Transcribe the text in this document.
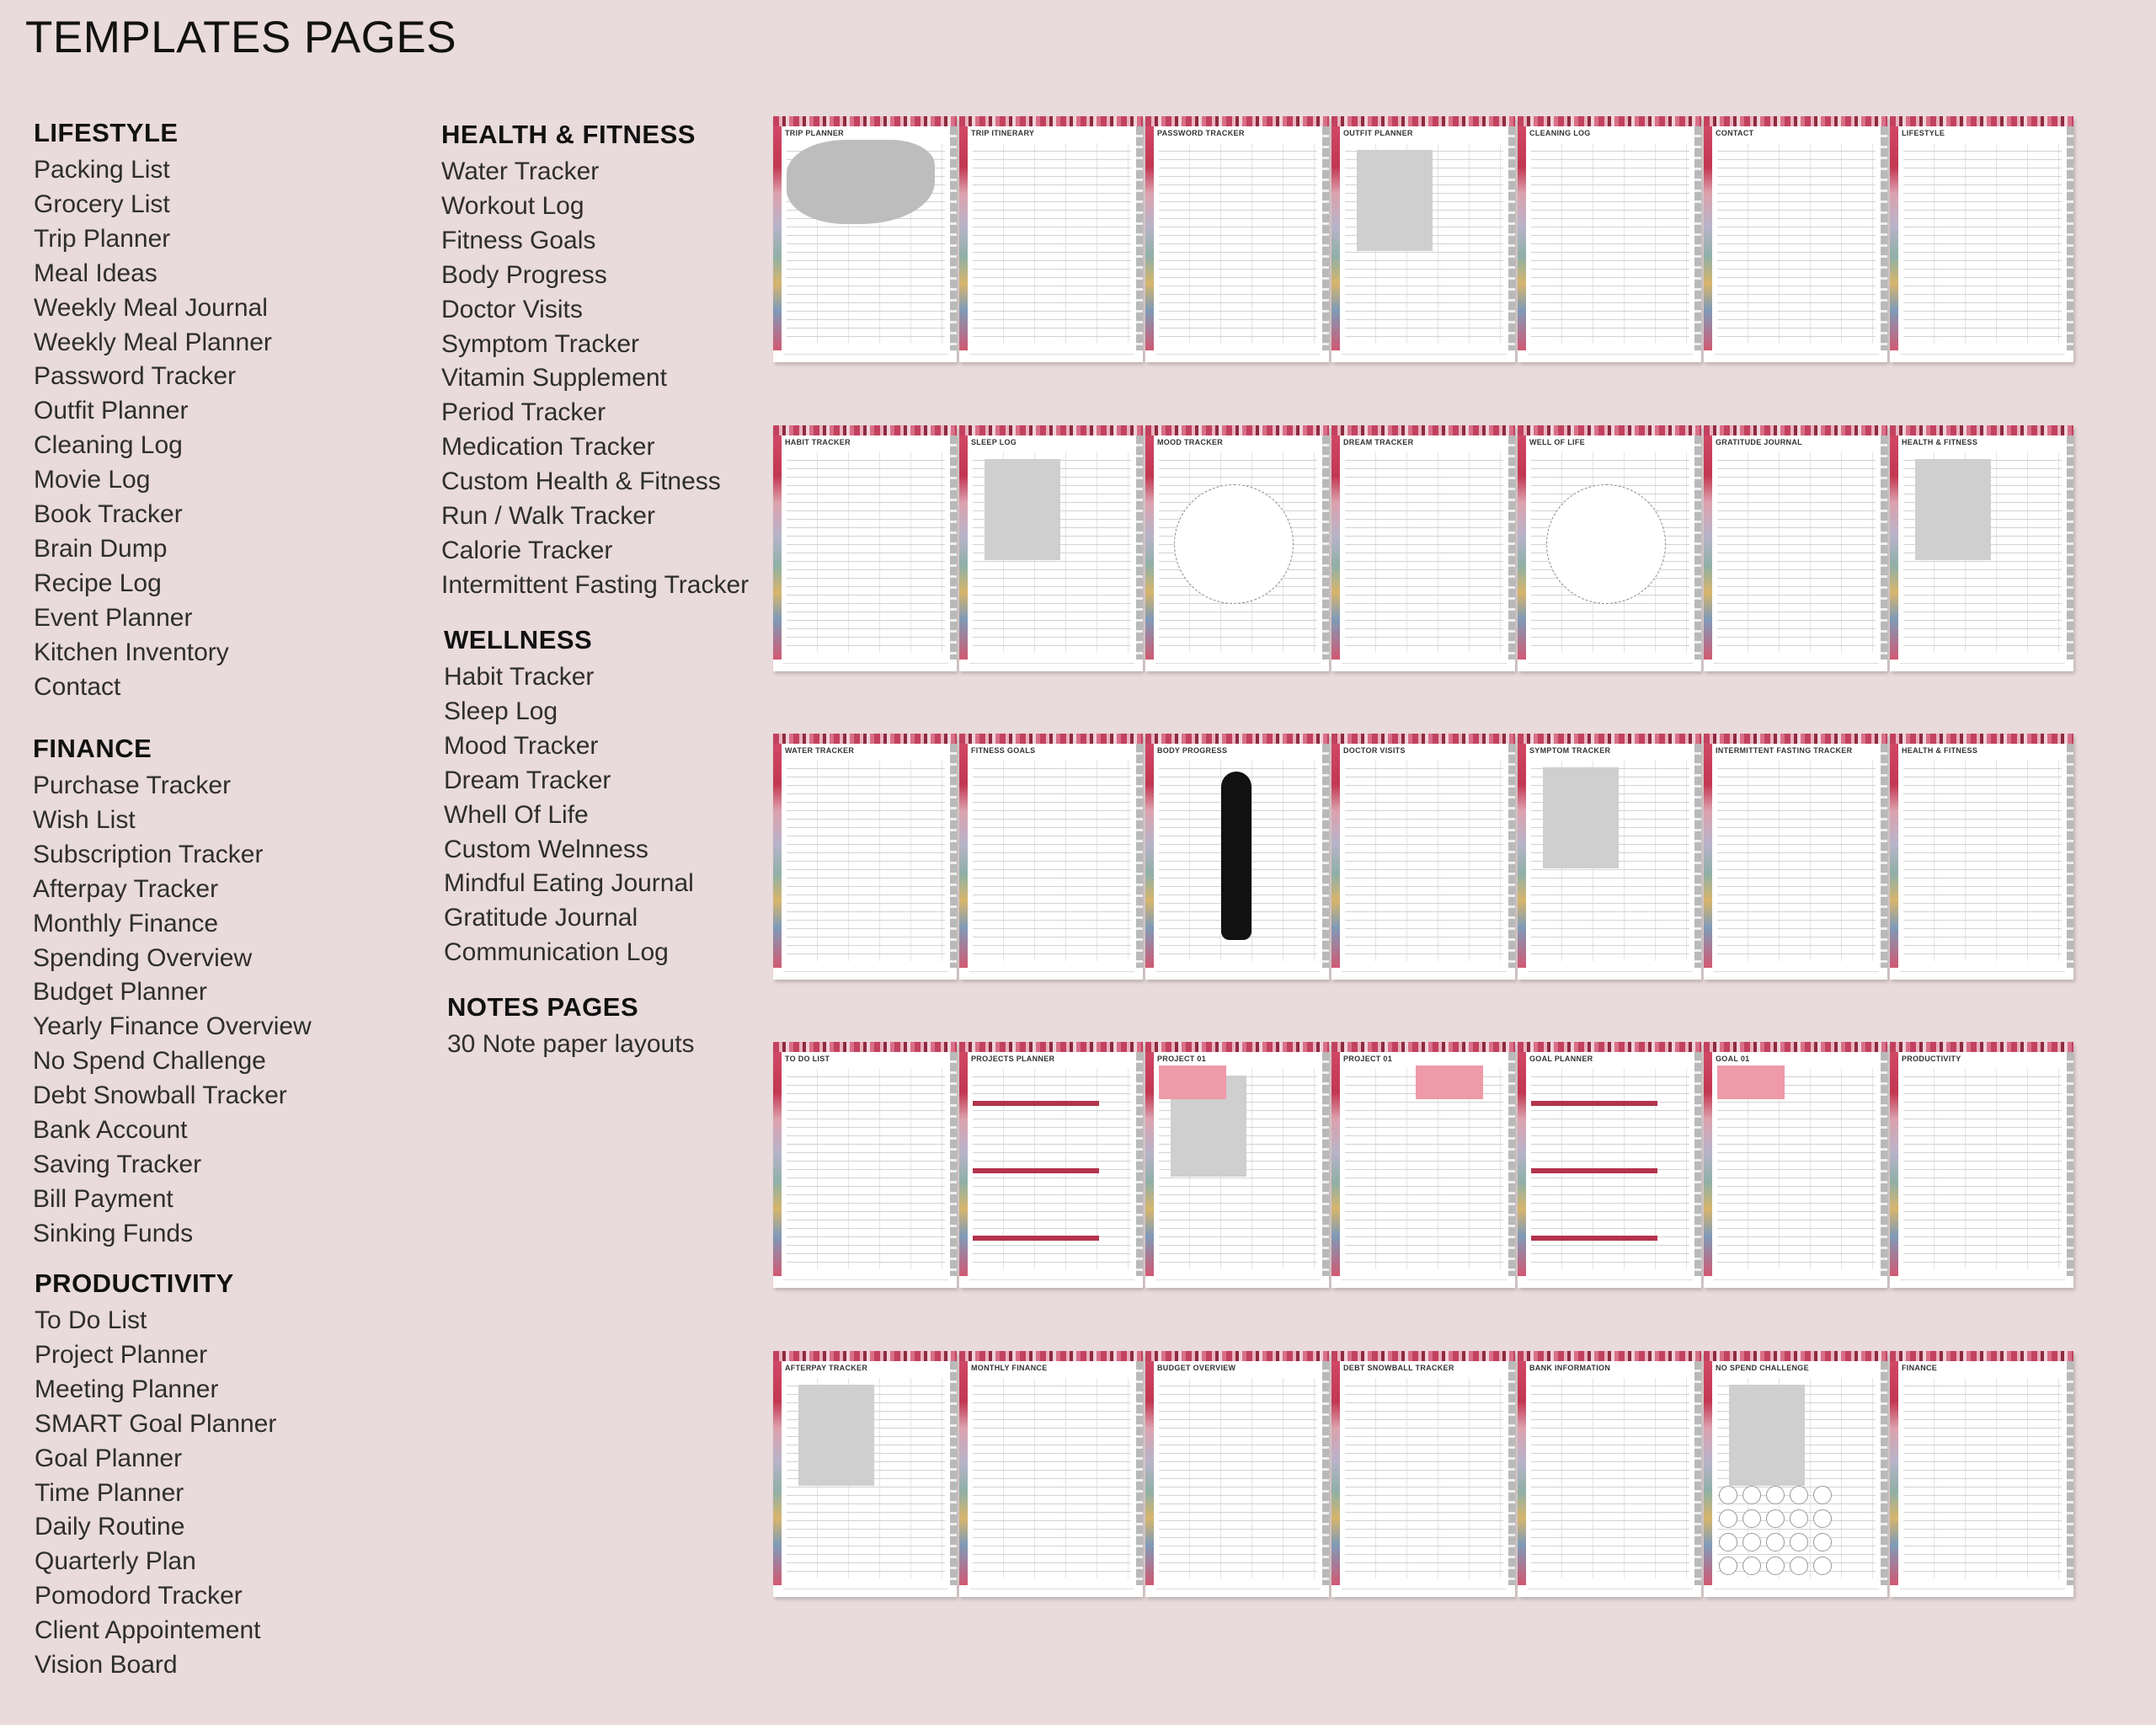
TEMPLATES PAGES
LIFESTYLE
Packing List
Grocery List
Trip Planner
Meal Ideas
Weekly Meal Journal
Weekly Meal Planner
Password Tracker
Outfit Planner
Cleaning Log
Movie Log
Book Tracker
Brain Dump
Recipe Log
Event Planner
Kitchen Inventory
Contact
FINANCE
Purchase Tracker
Wish List
Subscription Tracker
Afterpay Tracker
Monthly Finance
Spending Overview
Budget Planner
Yearly Finance Overview
No Spend Challenge
Debt Snowball Tracker
Bank Account
Saving Tracker
Bill Payment
Sinking Funds
PRODUCTIVITY
To Do List
Project Planner
Meeting Planner
SMART Goal Planner
Goal Planner
Time Planner
Daily Routine
Quarterly Plan
Pomodord Tracker
Client Appointement
Vision Board
HEALTH & FITNESS
Water Tracker
Workout Log
Fitness Goals
Body Progress
Doctor Visits
Symptom Tracker
Vitamin Supplement
Period Tracker
Medication Tracker
Custom Health & Fitness
Run / Walk Tracker
Calorie Tracker
Intermittent Fasting Tracker
WELLNESS
Habit Tracker
Sleep Log
Mood Tracker
Dream Tracker
Whell Of Life
Custom Welnness
Mindful Eating Journal
Gratitude Journal
Communication Log
NOTES PAGES
30 Note paper layouts
TRIP PLANNER	TRIP ITINERARY	PASSWORD TRACKER	OUTFIT PLANNER	CLEANING LOG	CONTACT	LIFESTYLE
HABIT TRACKER	SLEEP LOG	MOOD TRACKER	DREAM TRACKER	WELL OF LIFE	GRATITUDE JOURNAL	HEALTH & FITNESS
WATER TRACKER	FITNESS GOALS	BODY PROGRESS	DOCTOR VISITS	SYMPTOM TRACKER	INTERMITTENT FASTING TRACKER	HEALTH & FITNESS
TO DO LIST	PROJECTS PLANNER	PROJECT 01	PROJECT 01	GOAL PLANNER	GOAL 01	PRODUCTIVITY
AFTERPAY TRACKER	MONTHLY FINANCE	BUDGET OVERVIEW	DEBT SNOWBALL TRACKER	BANK INFORMATION	NO SPEND CHALLENGE	FINANCE
